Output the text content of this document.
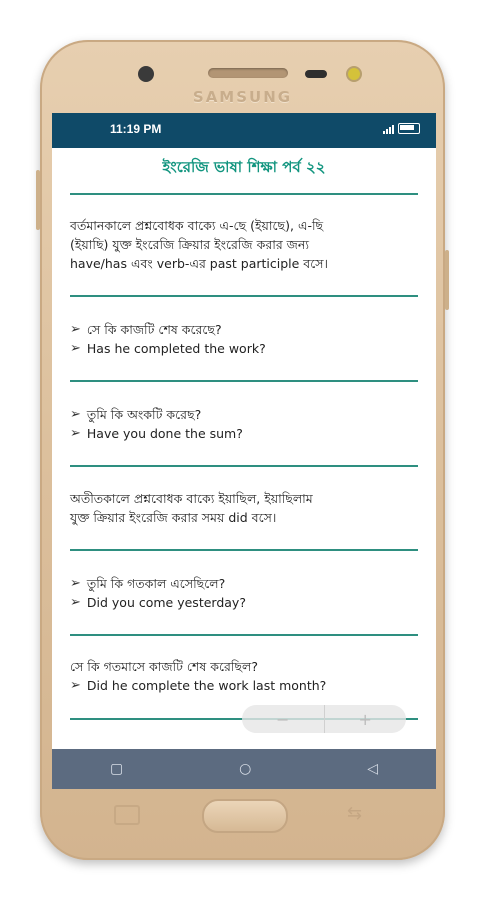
SAMSUNG
11:19 PM
ইংরেজি ভাষা শিক্ষা পর্ব ২২
বর্তমানকালে প্রশ্নবোধক বাক্যে এ-ছে (ইয়াছে), এ-ছি
(ইয়াছি) যুক্ত ইংরেজি ক্রিয়ার ইংরেজি করার জন্য
have/has এবং verb-এর past participle বসে।
➢ সে কি কাজটি শেষ করেছে?
➢ Has he completed the work?
➢ তুমি কি অংকটি করেছ?
➢ Have you done the sum?
অতীতকালে প্রশ্নবোধক বাক্যে ইয়াছিল, ইয়াছিলাম
যুক্ত ক্রিয়ার ইংরেজি করার সময় did বসে।
➢ তুমি কি গতকাল এসেছিলে?
➢ Did you come yesterday?
সে কি গতমাসে কাজটি শেষ করেছিল?
➢ Did he complete the work last month?
−	+
▢	○	◁
⇆
